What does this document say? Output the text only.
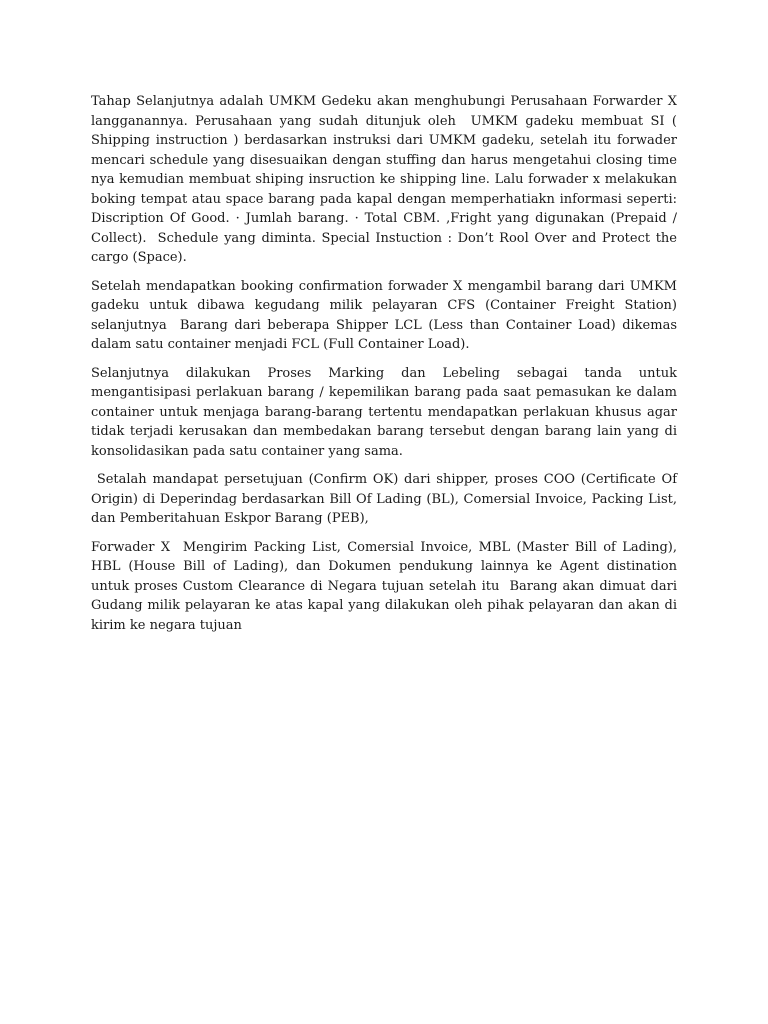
Tahap Selanjutnya adalah UMKM Gedeku akan menghubungi Perusahaan Forwarder X langganannya. Perusahaan yang sudah ditunjuk oleh  UMKM gadeku membuat SI ( Shipping instruction ) berdasarkan instruksi dari UMKM gadeku, setelah itu forwader mencari schedule yang disesuaikan dengan stuffing dan harus mengetahui closing time nya kemudian membuat shiping insruction ke shipping line. Lalu forwader x melakukan boking tempat atau space barang pada kapal dengan memperhatiakn informasi seperti: Discription Of Good. · Jumlah barang. · Total CBM. ,Fright yang digunakan (Prepaid / Collect).  Schedule yang diminta. Special Instuction : Don’t Rool Over and Protect the cargo (Space).

Setelah mendapatkan booking confirmation forwader X mengambil barang dari UMKM gadeku untuk dibawa kegudang milik pelayaran CFS (Container Freight Station) selanjutnya  Barang dari beberapa Shipper LCL (Less than Container Load) dikemas dalam satu container menjadi FCL (Full Container Load).

Selanjutnya dilakukan Proses Marking dan Lebeling sebagai tanda untuk mengantisipasi perlakuan barang / kepemilikan barang pada saat pemasukan ke dalam container untuk menjaga barang-barang tertentu mendapatkan perlakuan khusus agar tidak terjadi kerusakan dan membedakan barang tersebut dengan barang lain yang di konsolidasikan pada satu container yang sama.

Setalah mandapat persetujuan (Confirm OK) dari shipper, proses COO (Certificate Of Origin) di Deperindag berdasarkan Bill Of Lading (BL), Comersial Invoice, Packing List, dan Pemberitahuan Eskpor Barang (PEB),

Forwader X  Mengirim Packing List, Comersial Invoice, MBL (Master Bill of Lading), HBL (House Bill of Lading), dan Dokumen pendukung lainnya ke Agent distination untuk proses Custom Clearance di Negara tujuan setelah itu  Barang akan dimuat dari Gudang milik pelayaran ke atas kapal yang dilakukan oleh pihak pelayaran dan akan di kirim ke negara tujuan
